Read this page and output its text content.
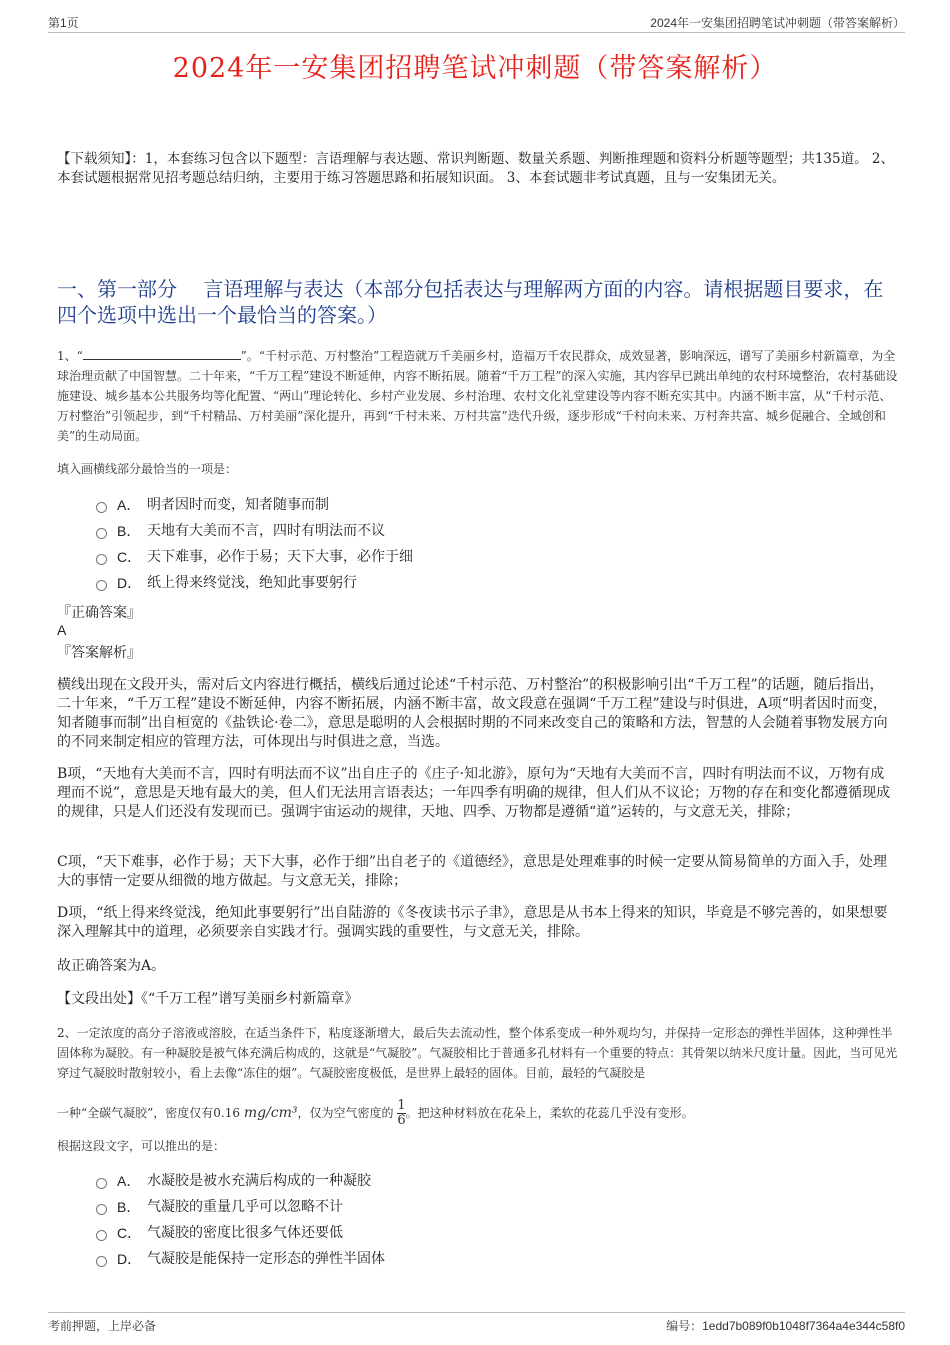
第1页	2024年一安集团招聘笔试冲刺题（带答案解析）
2024年一安集团招聘笔试冲刺题（带答案解析）
【下载须知】：1，本套练习包含以下题型：言语理解与表达题、常识判断题、数量关系题、判断推理题和资料分析题等题型；共135道。 2、本套试题根据常见招考题总结归纳，主要用于练习答题思路和拓展知识面。 3、本套试题非考试真题，且与一安集团无关。
一、第一部分　 言语理解与表达（本部分包括表达与理解两方面的内容。请根据题目要求，在四个选项中选出一个最恰当的答案。）
1、“	”。“千村示范、万村整治”工程造就万千美丽乡村，造福万千农民群众，成效显著，影响深远，谱写了美丽乡村新篇章，为全球治理贡献了中国智慧。二十年来，“千万工程”建设不断延伸，内容不断拓展。随着“千万工程”的深入实施，其内容早已跳出单纯的农村环境整治，农村基础设施建设、城乡基本公共服务均等化配置、“两山”理论转化、乡村产业发展、乡村治理、农村文化礼堂建设等内容不断充实其中。内涵不断丰富，从“千村示范、万村整治”引领起步，到“千村精品、万村美丽”深化提升，再到“千村未来、万村共富”迭代升级，逐步形成“千村向未来、万村奔共富、城乡促融合、全域创和美”的生动局面。
填入画横线部分最恰当的一项是：
A． 明者因时而变，知者随事而制
B． 天地有大美而不言，四时有明法而不议
C． 天下难事，必作于易；天下大事，必作于细
D． 纸上得来终觉浅，绝知此事要躬行
『正确答案』
A
『答案解析』
横线出现在文段开头，需对后文内容进行概括，横线后通过论述“千村示范、万村整治”的积极影响引出“千万工程”的话题，随后指出，二十年来，“千万工程”建设不断延伸，内容不断拓展，内涵不断丰富，故文段意在强调“千万工程”建设与时俱进，A项“明者因时而变，知者随事而制”出自桓宽的《盐铁论·卷二》，意思是聪明的人会根据时期的不同来改变自己的策略和方法，智慧的人会随着事物发展方向的不同来制定相应的管理方法，可体现出与时俱进之意，当选。
B项，“天地有大美而不言，四时有明法而不议”出自庄子的《庄子·知北游》，原句为“天地有大美而不言，四时有明法而不议，万物有成理而不说”，意思是天地有最大的美，但人们无法用言语表达；一年四季有明确的规律，但人们从不议论；万物的存在和变化都遵循现成的规律，只是人们还没有发现而已。强调宇宙运动的规律，天地、四季、万物都是遵循“道”运转的，与文意无关，排除；
C项，“天下难事，必作于易；天下大事，必作于细”出自老子的《道德经》，意思是处理难事的时候一定要从简易简单的方面入手，处理大的事情一定要从细微的地方做起。与文意无关，排除；
D项，“纸上得来终觉浅，绝知此事要躬行”出自陆游的《冬夜读书示子聿》，意思是从书本上得来的知识，毕竟是不够完善的，如果想要深入理解其中的道理，必须要亲自实践才行。强调实践的重要性，与文意无关，排除。
故正确答案为A。
【文段出处】《“千万工程”谱写美丽乡村新篇章》
2、一定浓度的高分子溶液或溶胶，在适当条件下，粘度逐渐增大，最后失去流动性，整个体系变成一种外观均匀，并保持一定形态的弹性半固体，这种弹性半固体称为凝胶。有一种凝胶是被气体充满后构成的，这就是“气凝胶”。气凝胶相比于普通多孔材料有一个重要的特点：其骨架以纳米尺度计量。因此，当可见光穿过气凝胶时散射较小，看上去像“冻住的烟”。气凝胶密度极低，是世界上最轻的固体。目前，最轻的气凝胶是
一种“全碳气凝胶”，密度仅有0.16 mg/cm³，仅为空气密度的 $\frac{1}{6}$ 。把这种材料放在花朵上，柔软的花蕊几乎没有变形。
根据这段文字，可以推出的是：
A． 水凝胶是被水充满后构成的一种凝胶
B． 气凝胶的重量几乎可以忽略不计
C． 气凝胶的密度比很多气体还要低
D． 气凝胶是能保持一定形态的弹性半固体
考前押题，上岸必备	编号：1edd7b089f0b1048f7364a4e344c58f0
